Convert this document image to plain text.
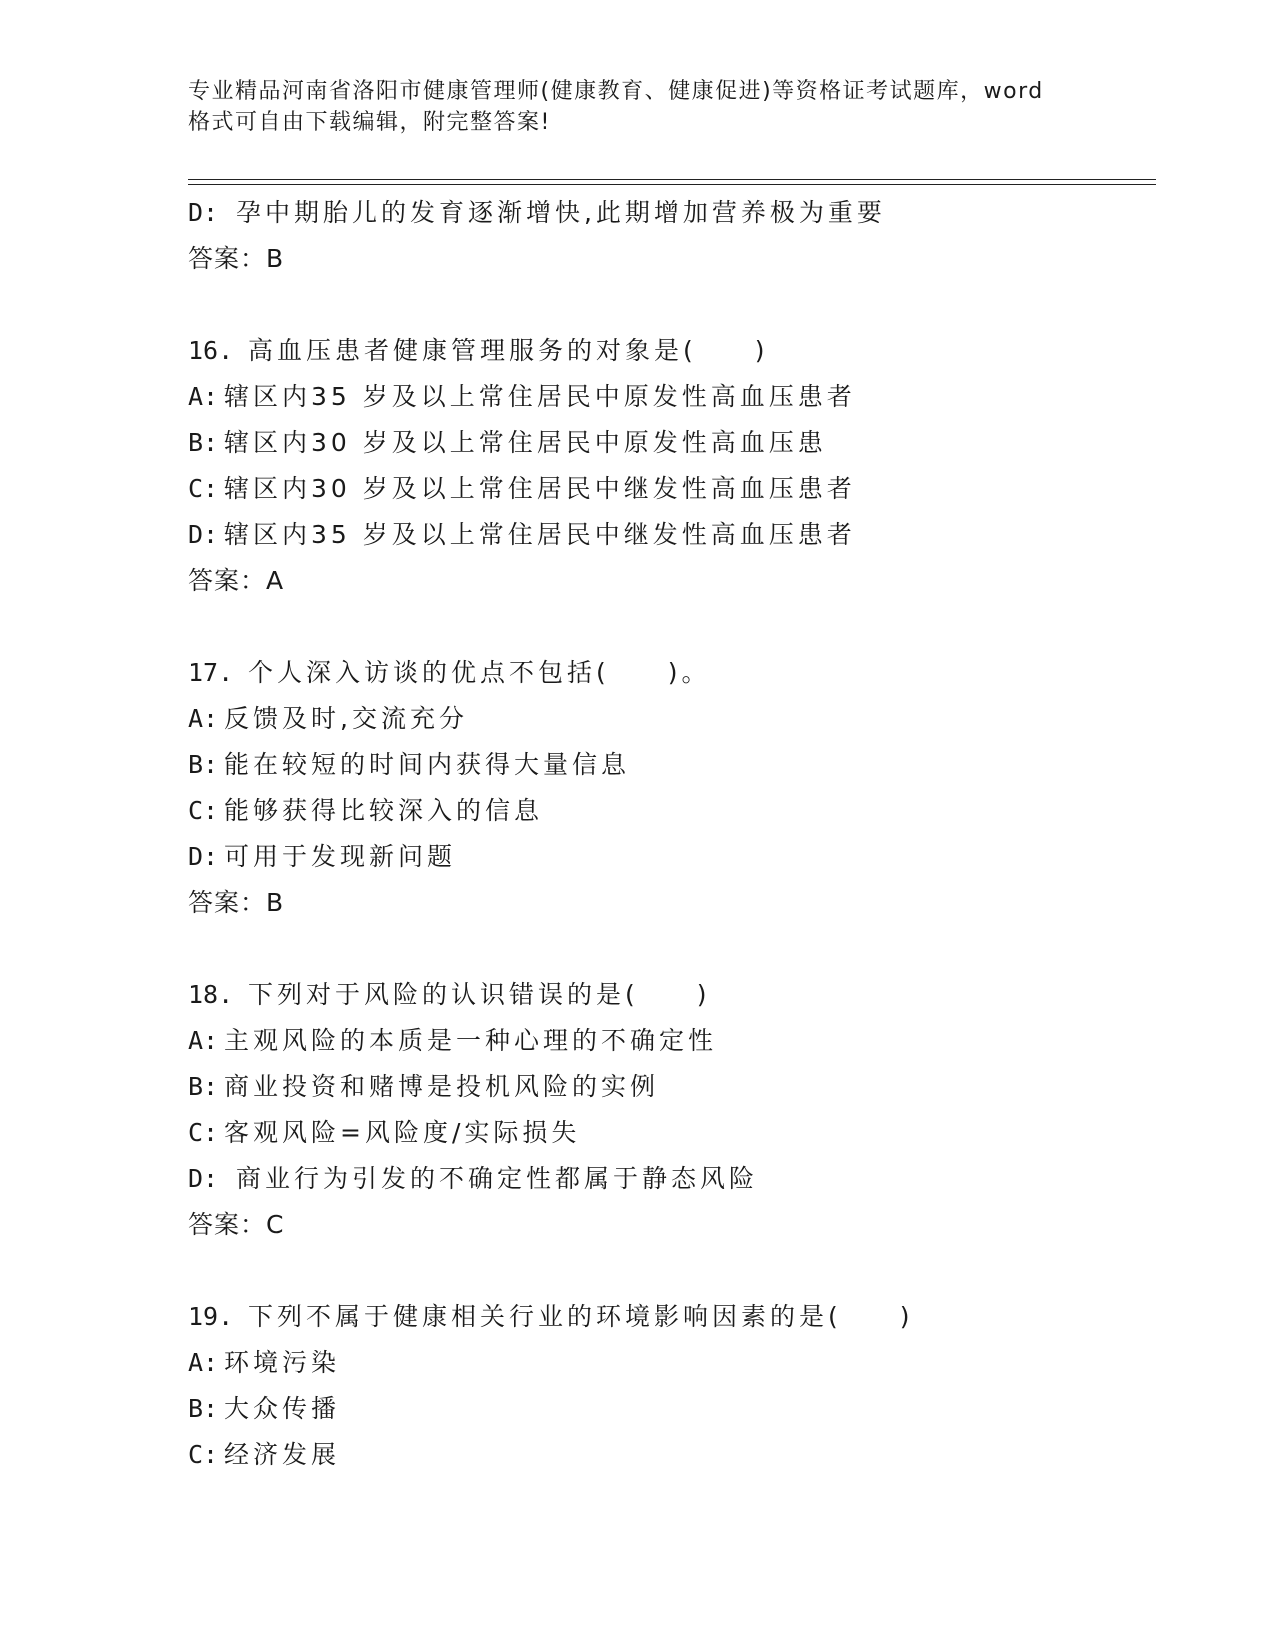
专业精品河南省洛阳市健康管理师(健康教育、健康促进)等资格证考试题库，word
格式可自由下载编辑，附完整答案!
D: 孕中期胎儿的发育逐渐增快,此期增加营养极为重要
答案：B
16. 高血压患者健康管理服务的对象是(　　)
A: 辖区内35 岁及以上常住居民中原发性高血压患者
B: 辖区内30 岁及以上常住居民中原发性高血压患
C: 辖区内30 岁及以上常住居民中继发性高血压患者
D: 辖区内35 岁及以上常住居民中继发性高血压患者
答案：A
17. 个人深入访谈的优点不包括(　　)。
A: 反馈及时,交流充分
B: 能在较短的时间内获得大量信息
C: 能够获得比较深入的信息
D: 可用于发现新问题
答案：B
18. 下列对于风险的认识错误的是(　　)
A: 主观风险的本质是一种心理的不确定性
B: 商业投资和赌博是投机风险的实例
C: 客观风险=风险度/实际损失
D: 商业行为引发的不确定性都属于静态风险
答案：C
19. 下列不属于健康相关行业的环境影响因素的是(　　)
A: 环境污染
B: 大众传播
C: 经济发展
